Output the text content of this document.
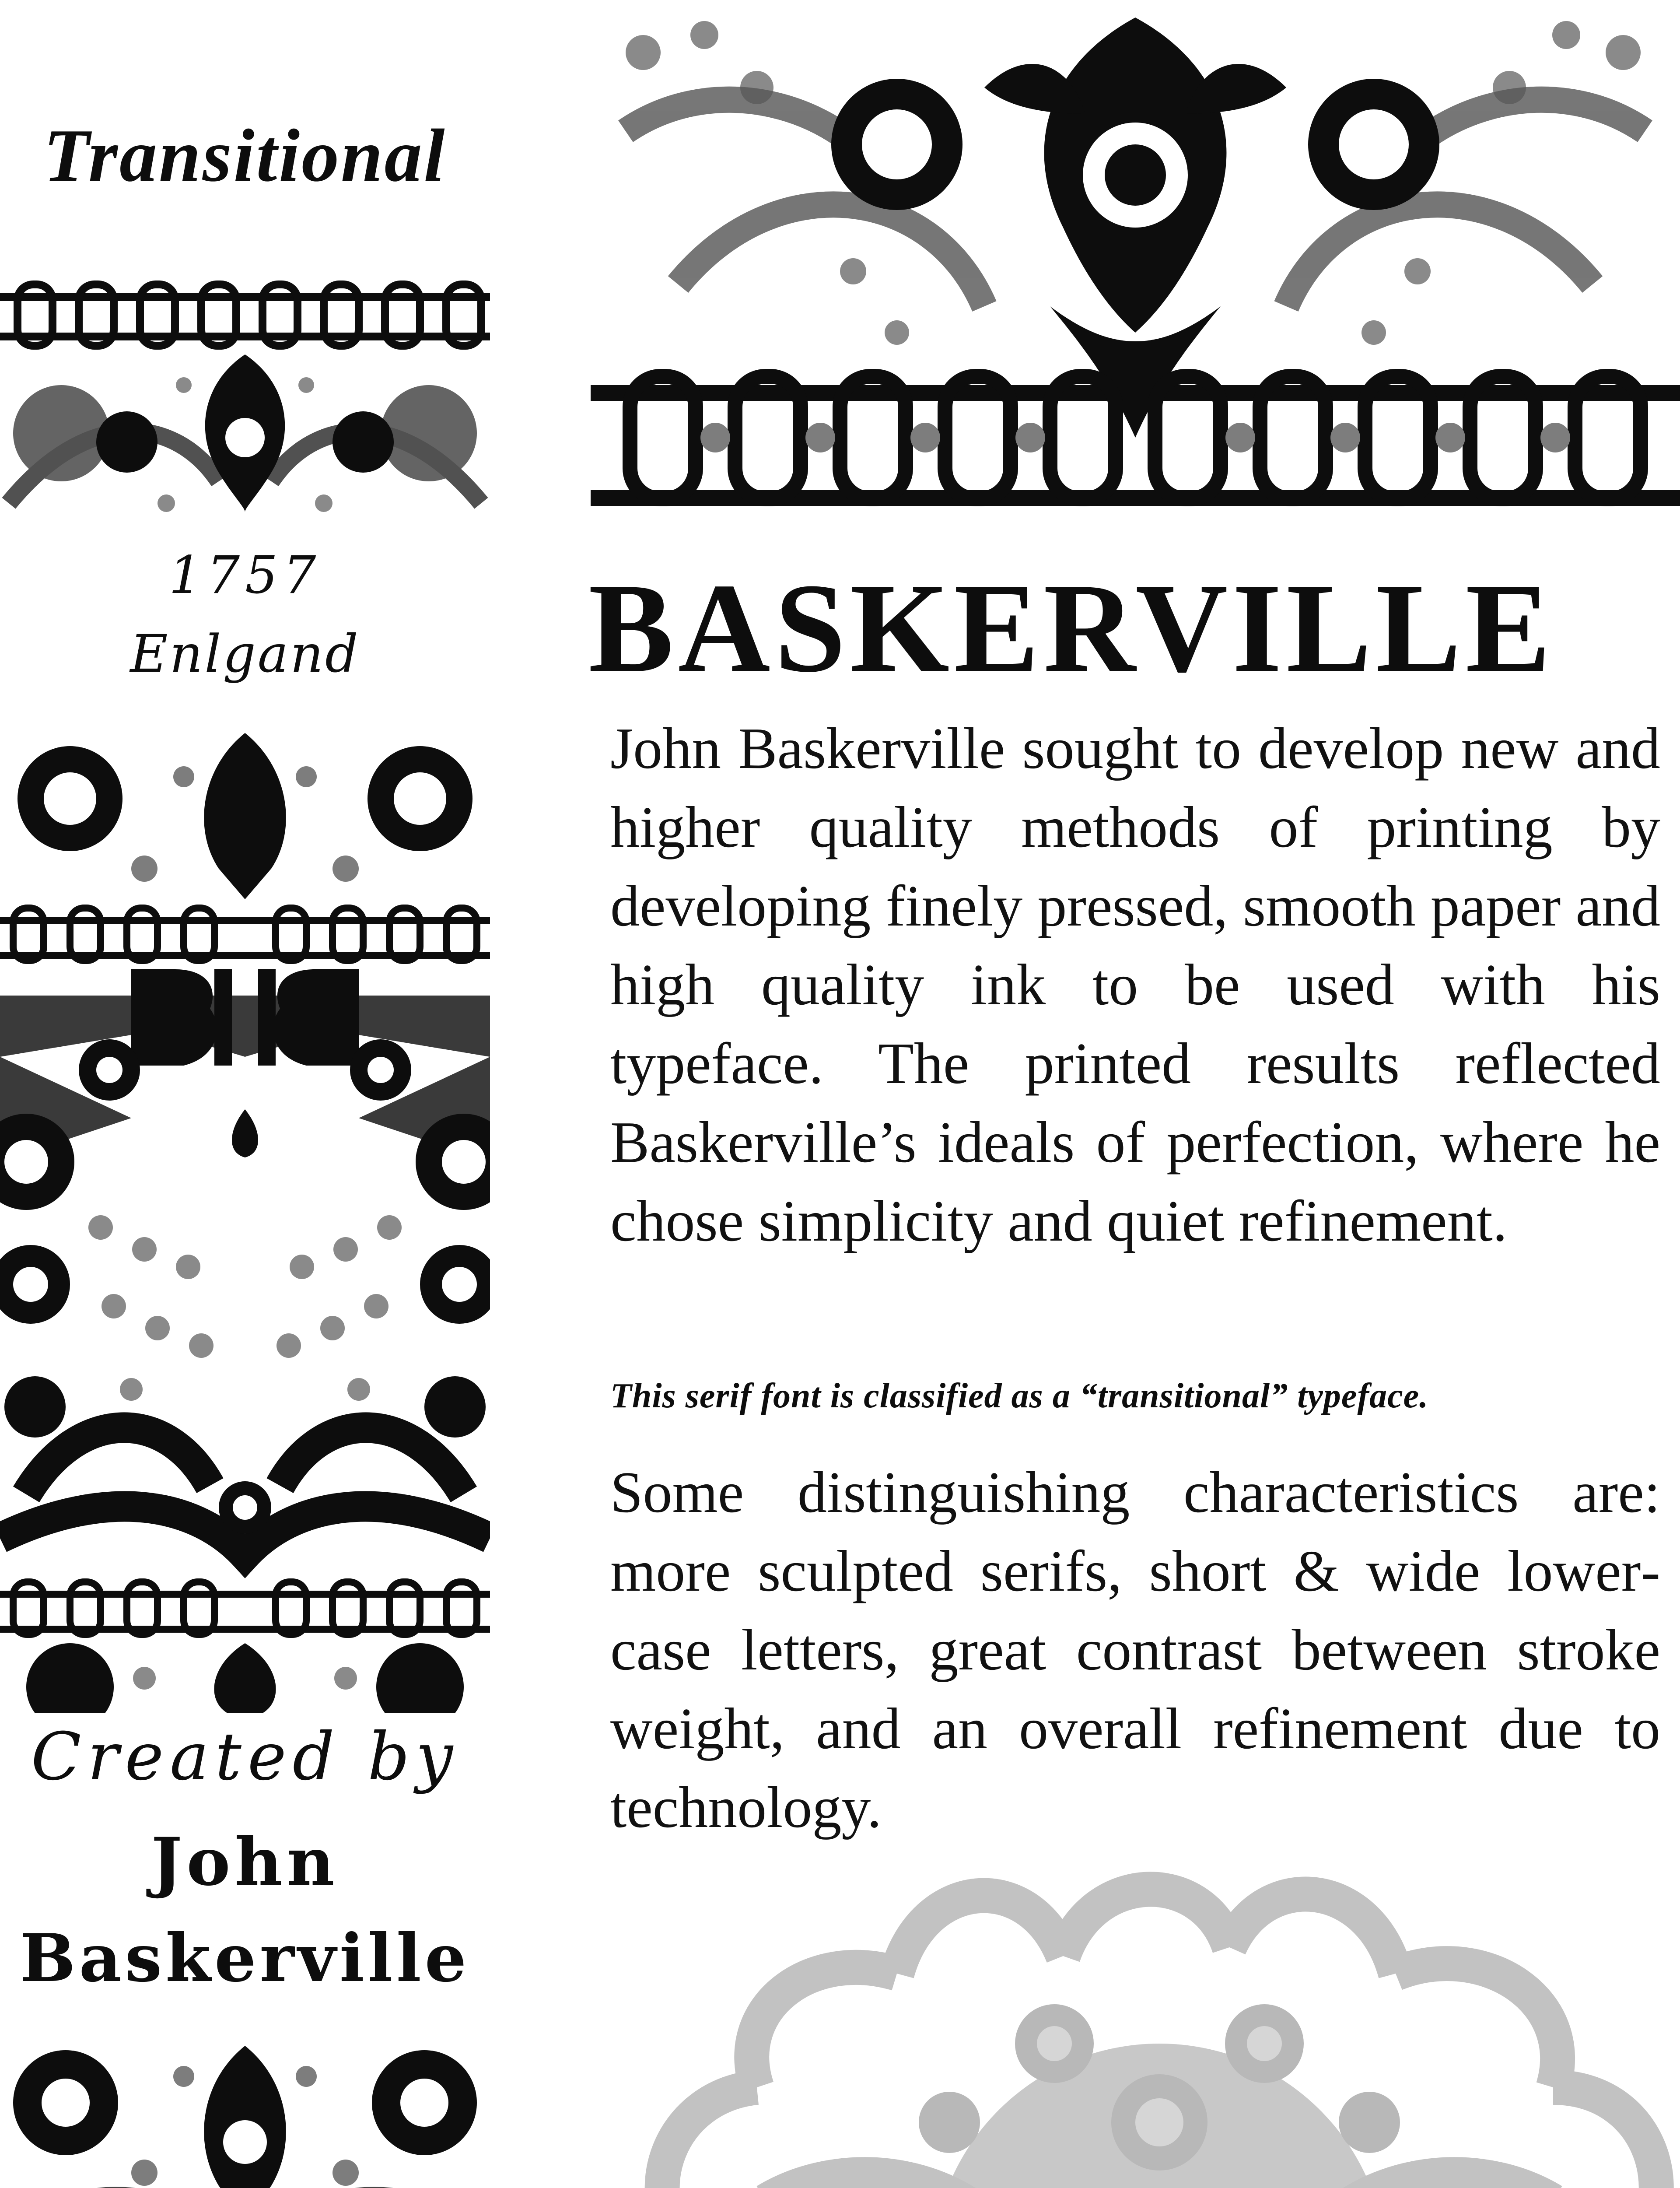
Transitional
1757
Enlgand
Created by
John
Baskerville
BASKERVILLE
John Baskerville sought to develop new and higher quality methods of printing by developing finely pressed, smooth paper and high quality ink to be used with his typeface. The printed results reflected Baskerville’s ideals of perfection, where he chose simplicity and quiet refinement.
This serif font is classified as a “transitional” typeface.
Some distinguishing characteristics are: more sculpted serifs, short & wide lowercase letters, great contrast between stroke weight, and an overall refinement due to technology.
